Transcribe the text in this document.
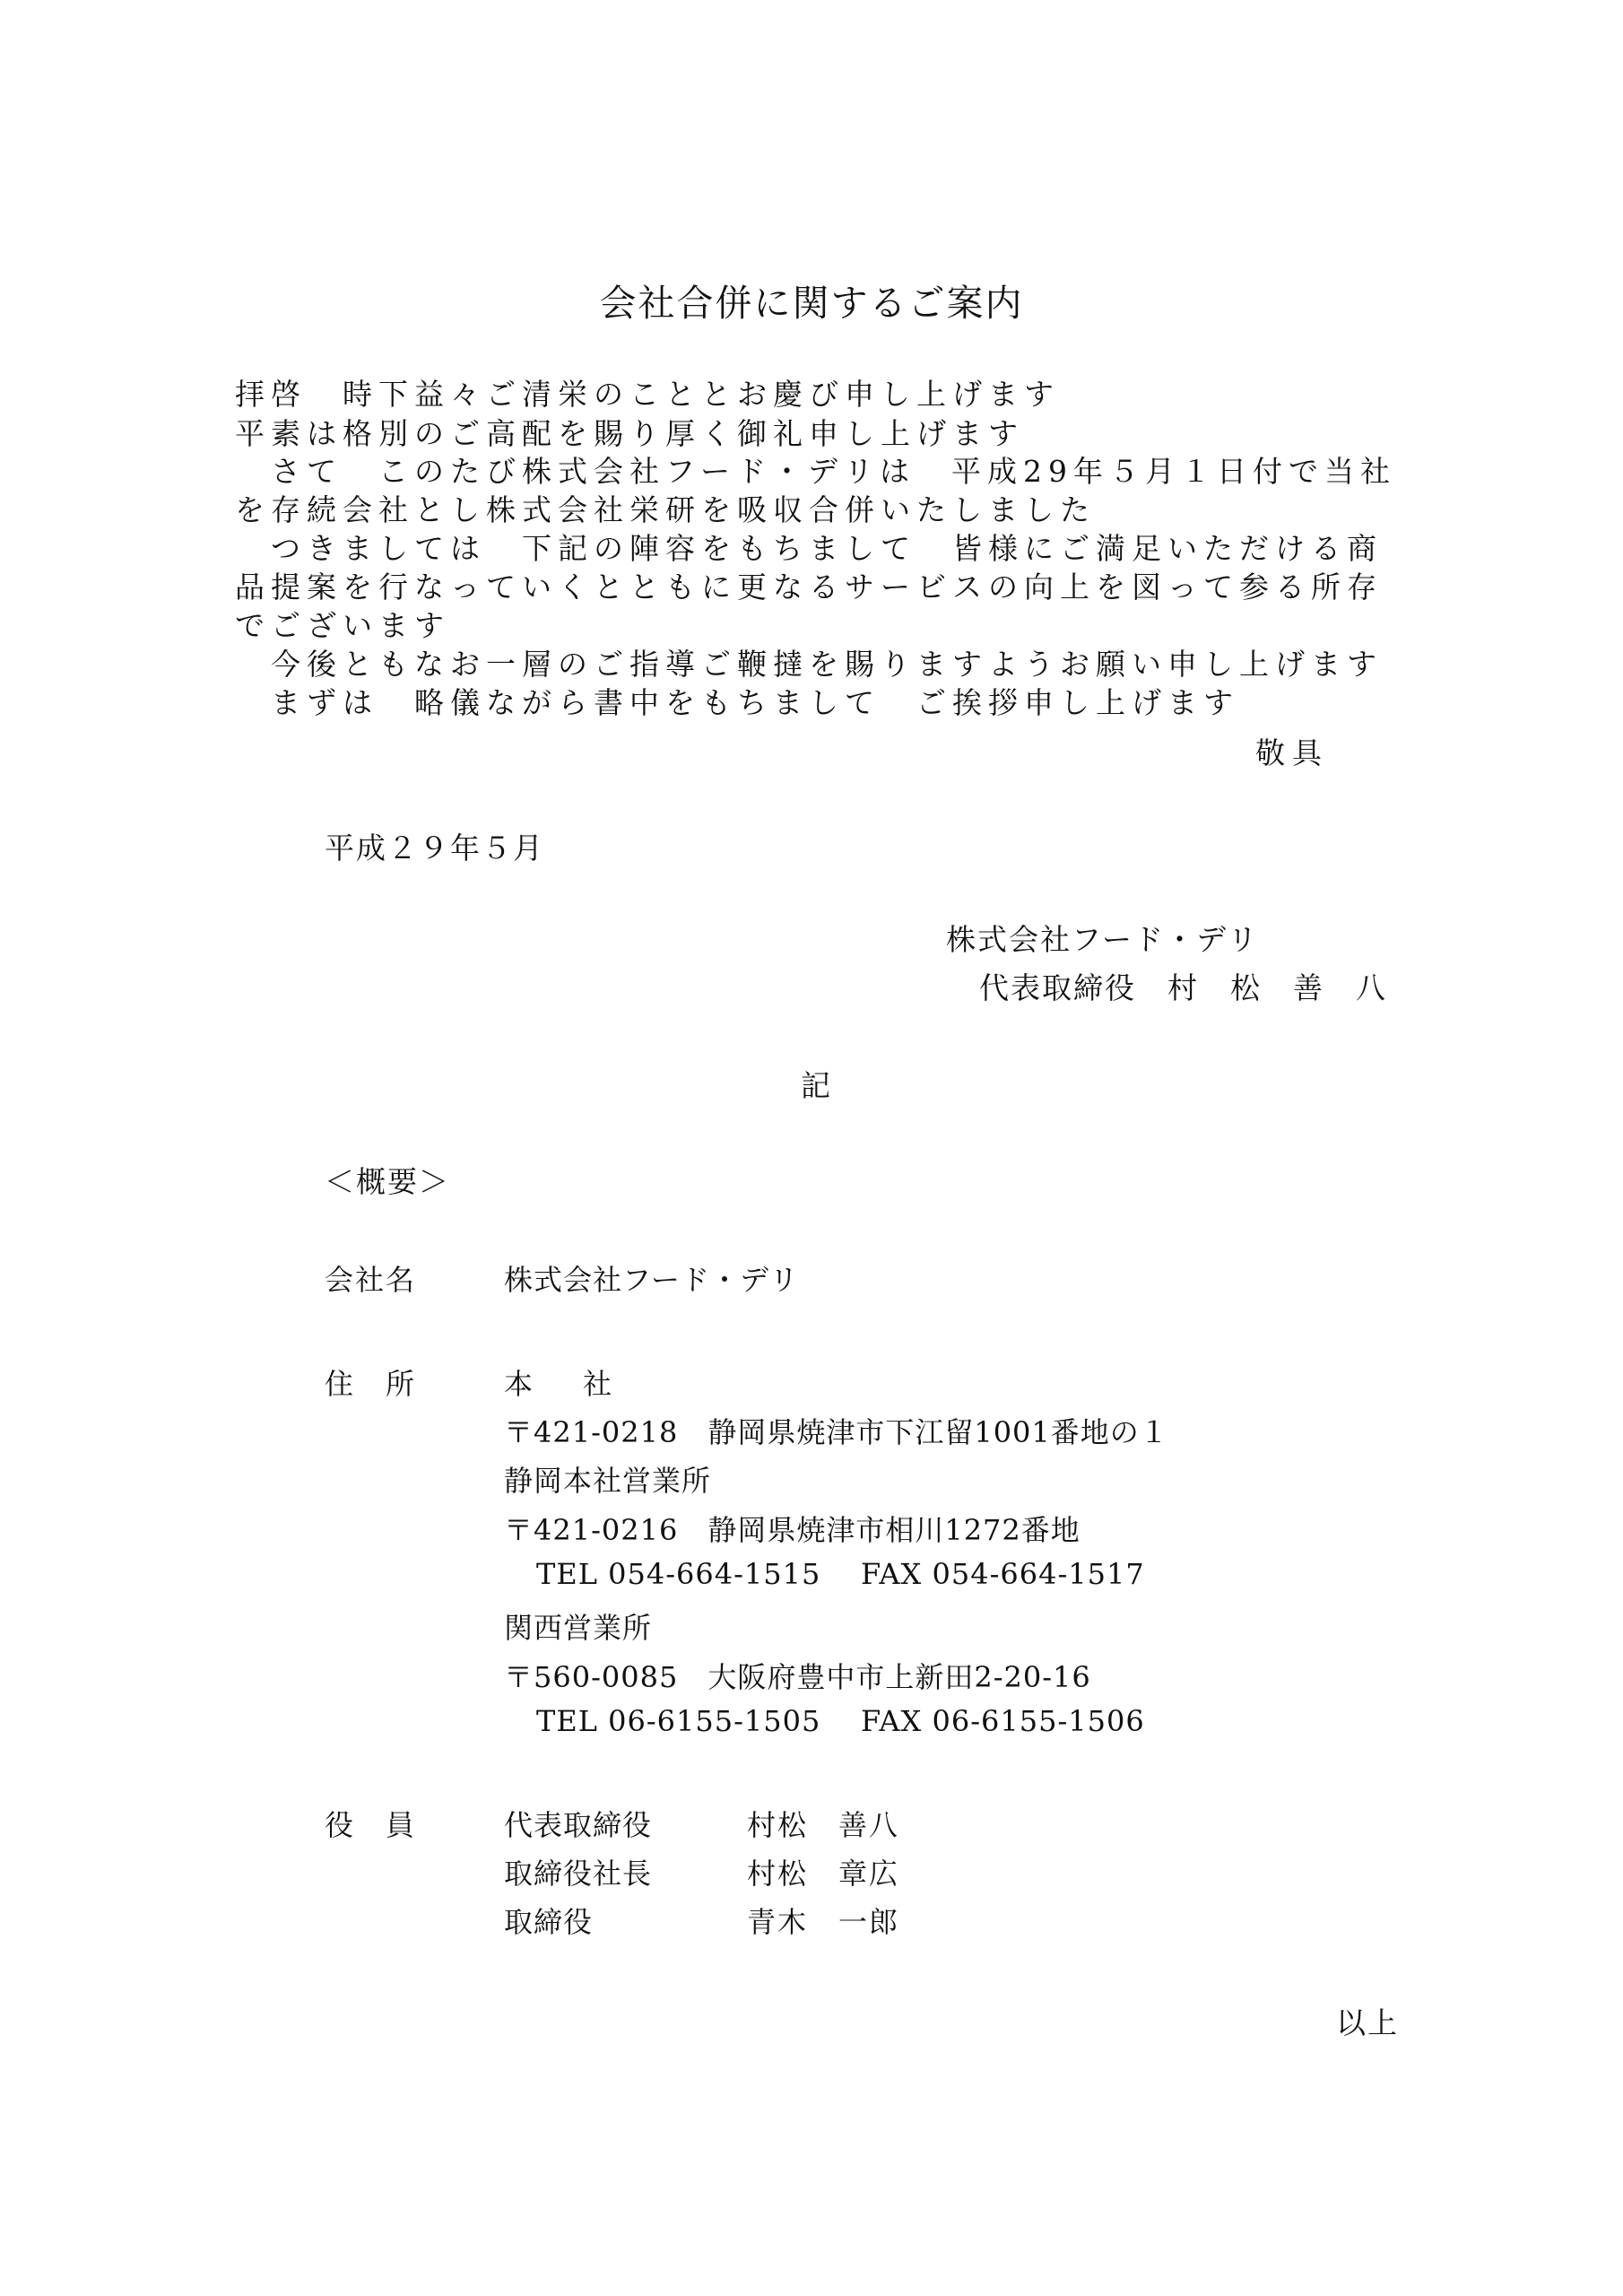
会社合併に関するご案内
拝啓　時下益々ご清栄のこととお慶び申し上げます
平素は格別のご高配を賜り厚く御礼申し上げます
　さて　このたび株式会社フード・デリは　平成29年５月１日付で当社
を存続会社とし株式会社栄研を吸収合併いたしました
　つきましては　下記の陣容をもちまして　皆様にご満足いただける商
品提案を行なっていくとともに更なるサービスの向上を図って参る所存
でございます
　今後ともなお一層のご指導ご鞭撻を賜りますようお願い申し上げます
　まずは　略儀ながら書中をもちまして　ご挨拶申し上げます
敬具
平成２９年５月
株式会社フード・デリ
代表取締役　村　松　善　八
記
＜概要＞
会社名	株式会社フード・デリ
住　所	本　社
〒421-0218　静岡県焼津市下江留1001番地の１
静岡本社営業所
〒421-0216　静岡県焼津市相川1272番地
TEL 054-664-1515 FAX 054-664-1517
関西営業所
〒560-0085　大阪府豊中市上新田2-20-16
TEL 06-6155-1505 FAX 06-6155-1506
役　員	代表取締役	村松　善八
取締役社長	村松　章広
取締役	青木　一郎
以上
